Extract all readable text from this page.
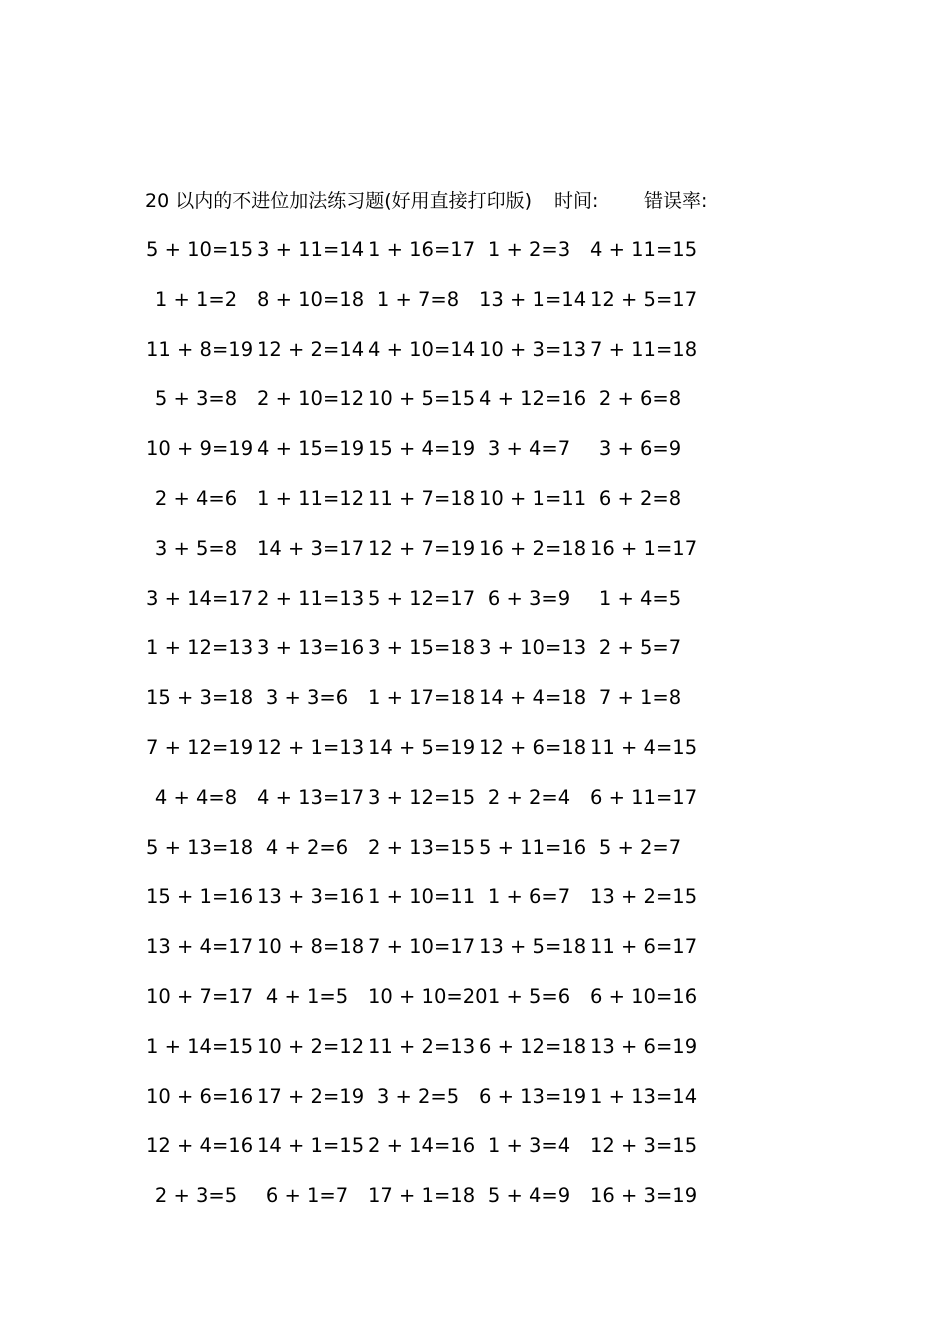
20 以内的不进位加法练习题(好用直接打印版) 时间: 错误率:
5 + 10=15 3 + 11=14 1 + 16=17 1 + 2=3	4 + 11=15
1 + 1=2	8 + 10=18 1 + 7=8	13 + 1=14 12 + 5=17
11 + 8=19 12 + 2=14 4 + 10=14 10 + 3=13 7 + 11=18
5 + 3=8	2 + 10=12 10 + 5=15 4 + 12=16 2 + 6=8
10 + 9=19 4 + 15=19 15 + 4=19 3 + 4=7	3 + 6=9
2 + 4=6	1 + 11=12 11 + 7=18 10 + 1=11 6 + 2=8
3 + 5=8	14 + 3=17 12 + 7=19 16 + 2=18 16 + 1=17
3 + 14=17 2 + 11=13 5 + 12=17 6 + 3=9	1 + 4=5
1 + 12=13 3 + 13=16 3 + 15=18 3 + 10=13 2 + 5=7
15 + 3=18 3 + 3=6	1 + 17=18 14 + 4=18 7 + 1=8
7 + 12=19 12 + 1=13 14 + 5=19 12 + 6=18 11 + 4=15
4 + 4=8	4 + 13=17 3 + 12=15 2 + 2=4	6 + 11=17
5 + 13=18 4 + 2=6	2 + 13=15 5 + 11=16 5 + 2=7
15 + 1=16 13 + 3=16 1 + 10=11 1 + 6=7	13 + 2=15
13 + 4=17 10 + 8=18 7 + 10=17 13 + 5=18 11 + 6=17
10 + 7=17 4 + 1=5	10 + 10=20 1 + 5=6	6 + 10=16
1 + 14=15 10 + 2=12 11 + 2=13 6 + 12=18 13 + 6=19
10 + 6=16 17 + 2=19 3 + 2=5	6 + 13=19 1 + 13=14
12 + 4=16 14 + 1=15 2 + 14=16 1 + 3=4	12 + 3=15
2 + 3=5	6 + 1=7	17 + 1=18 5 + 4=9	16 + 3=19
